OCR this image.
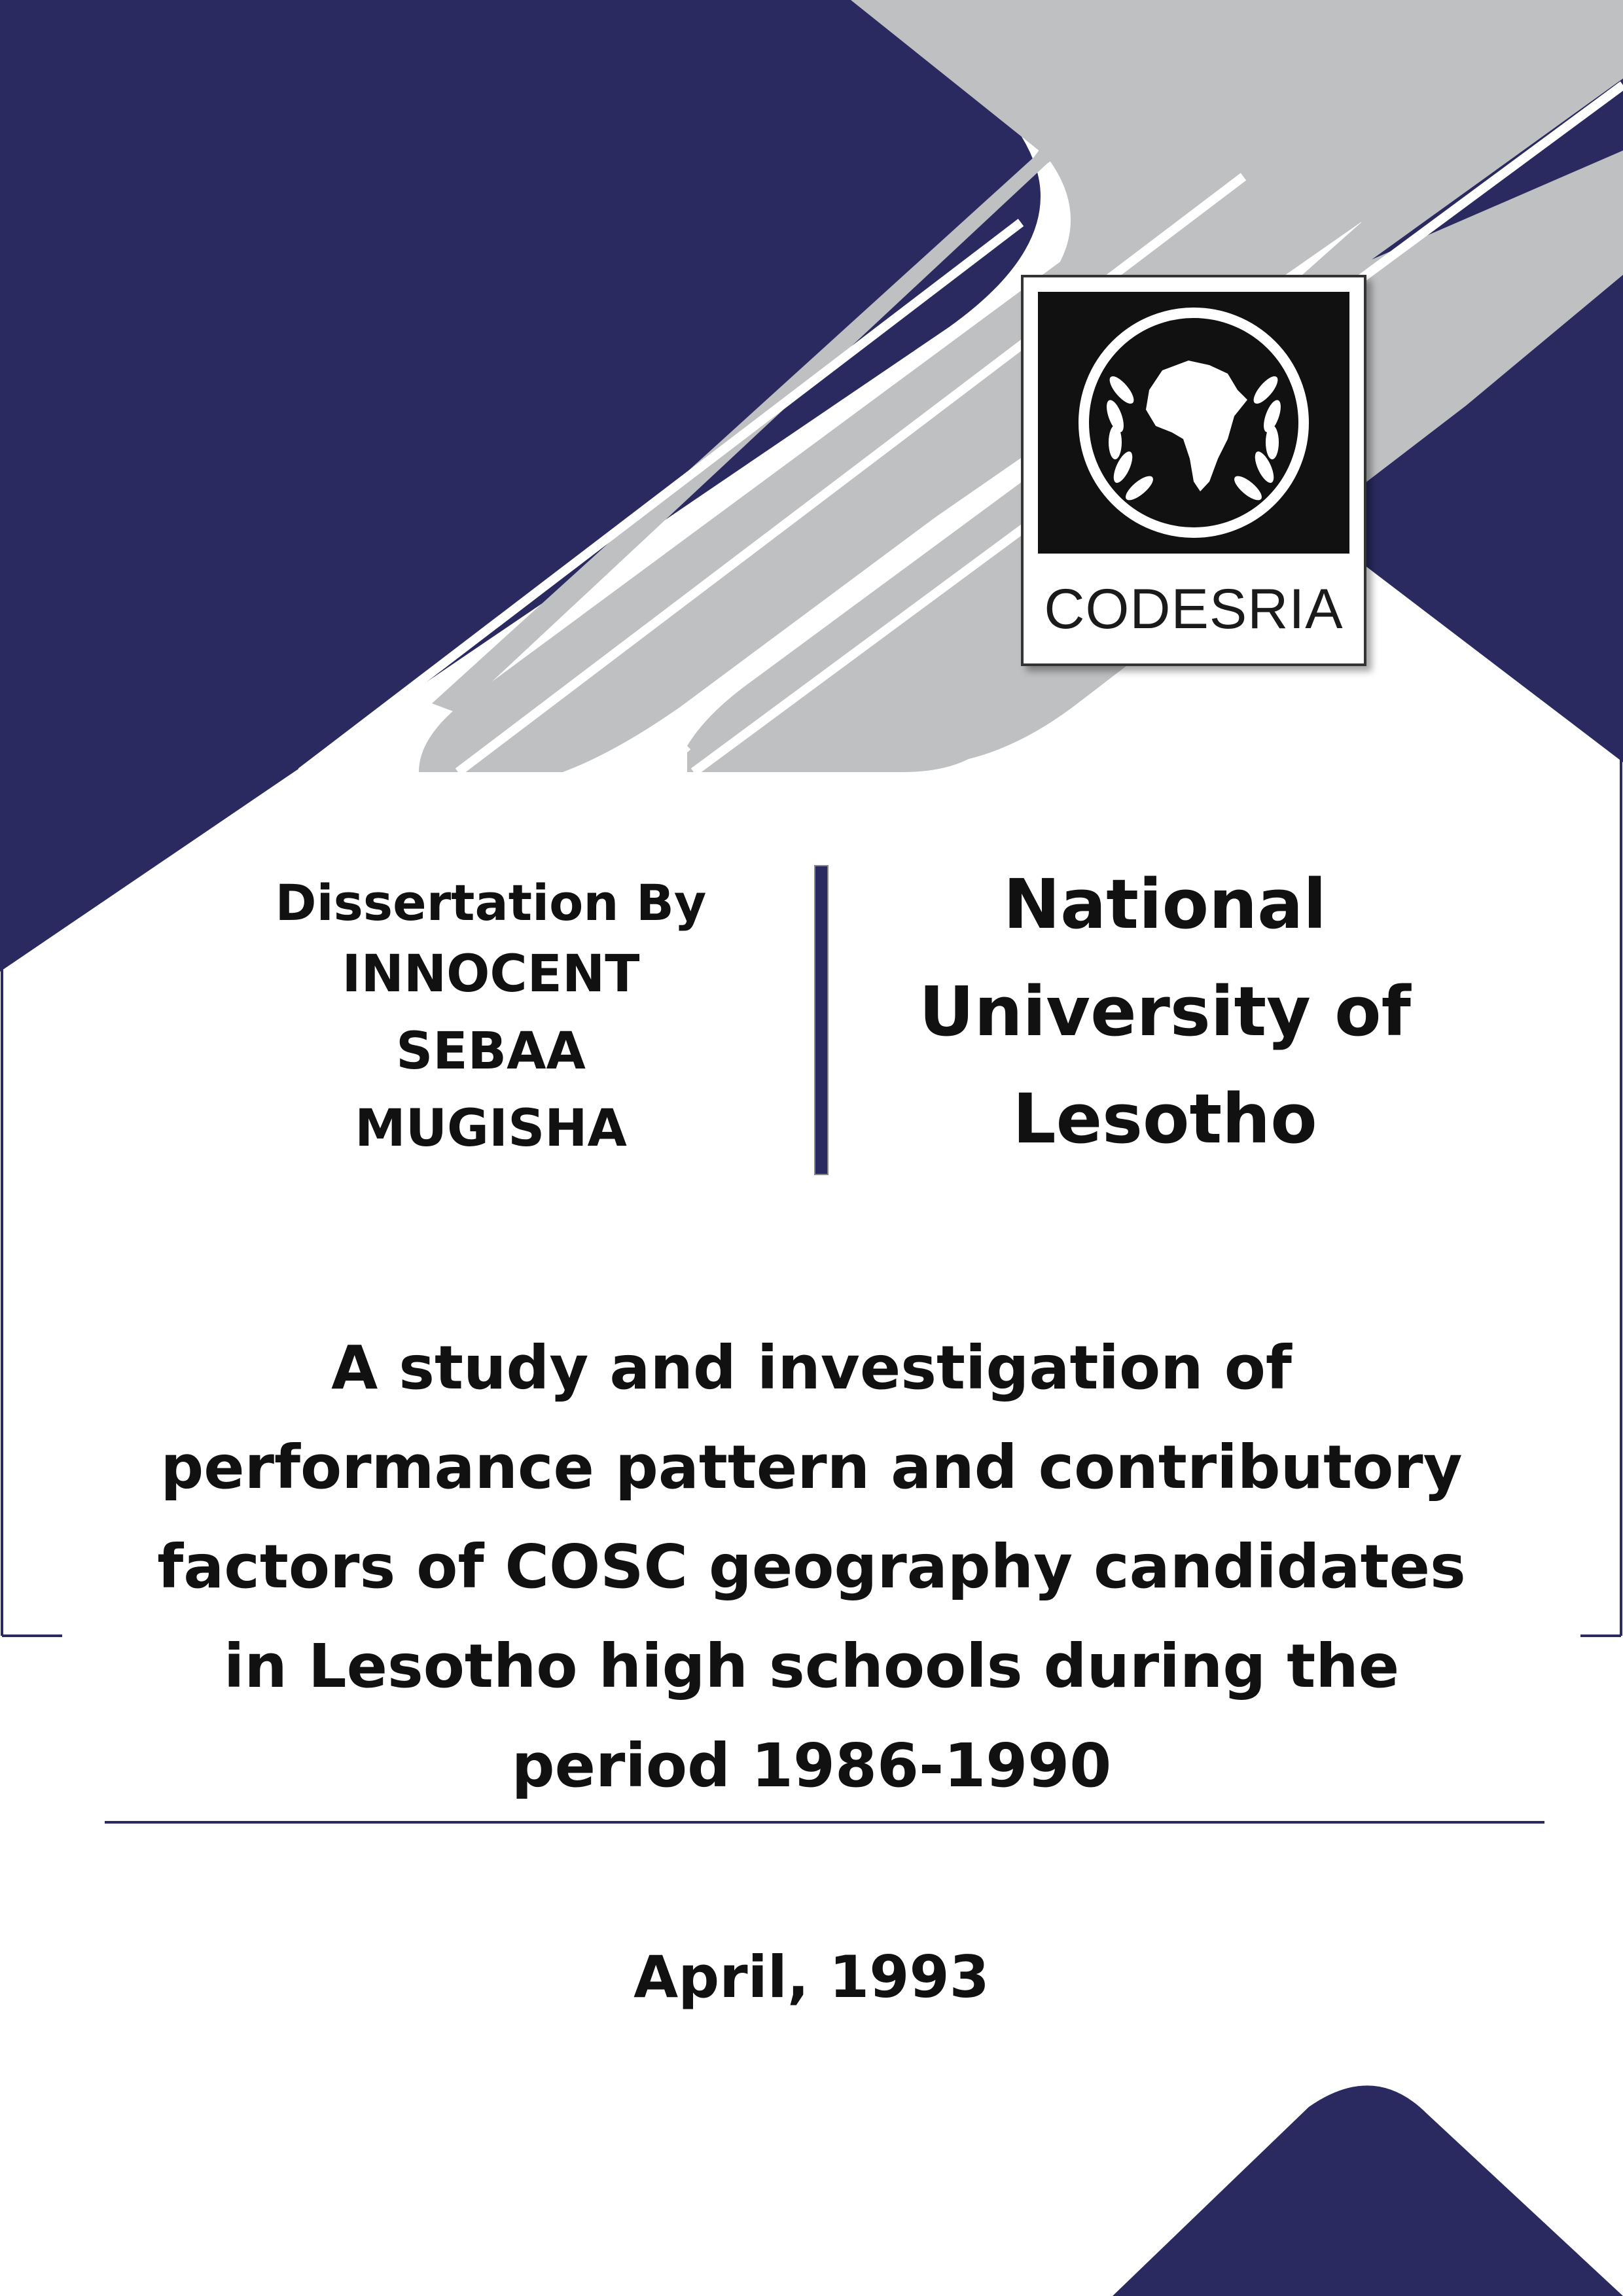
CODESRIA
Dissertation By
INNOCENT
SEBAA
MUGISHA
National
University of
Lesotho
A study and investigation of
performance pattern and contributory
factors of COSC geography candidates
in Lesotho high schools during the
period 1986-1990
April, 1993
